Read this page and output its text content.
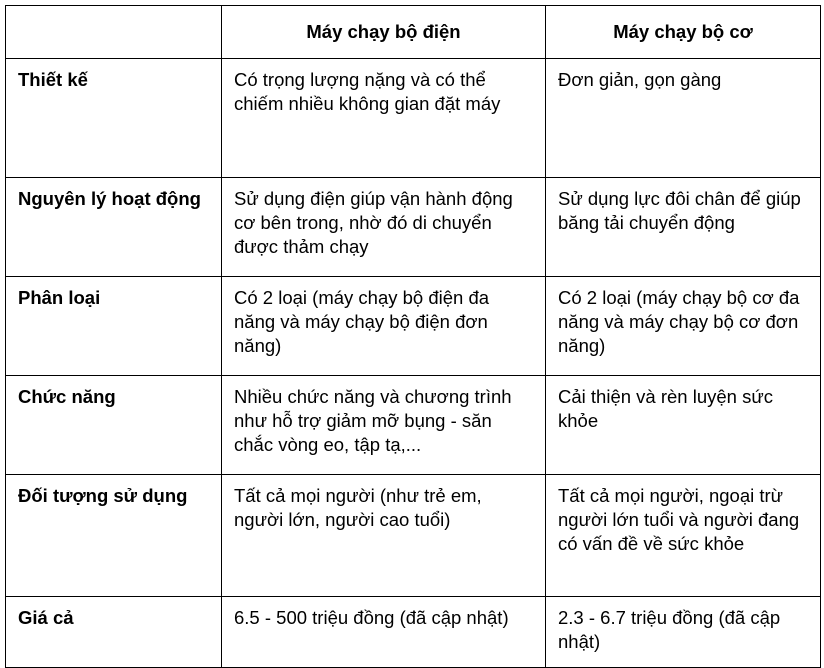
	Máy chạy bộ điện	Máy chạy bộ cơ
Thiết kế	Có trọng lượng nặng và có thể chiếm nhiều không gian đặt máy	Đơn giản, gọn gàng
Nguyên lý hoạt động	Sử dụng điện giúp vận hành động cơ bên trong, nhờ đó di chuyển được thảm chạy	Sử dụng lực đôi chân để giúp băng tải chuyển động
Phân loại	Có 2 loại (máy chạy bộ điện đa năng và máy chạy bộ điện đơn năng)	Có 2 loại (máy chạy bộ cơ đa năng và máy chạy bộ cơ đơn năng)
Chức năng	Nhiều chức năng và chương trình như hỗ trợ giảm mỡ bụng - săn chắc vòng eo, tập tạ,...	Cải thiện và rèn luyện sức khỏe
Đối tượng sử dụng	Tất cả mọi người (như trẻ em, người lớn, người cao tuổi)	Tất cả mọi người, ngoại trừ người lớn tuổi và người đang có vấn đề về sức khỏe
Giá cả	6.5 - 500 triệu đồng (đã cập nhật)	2.3 - 6.7 triệu đồng (đã cập nhật)
